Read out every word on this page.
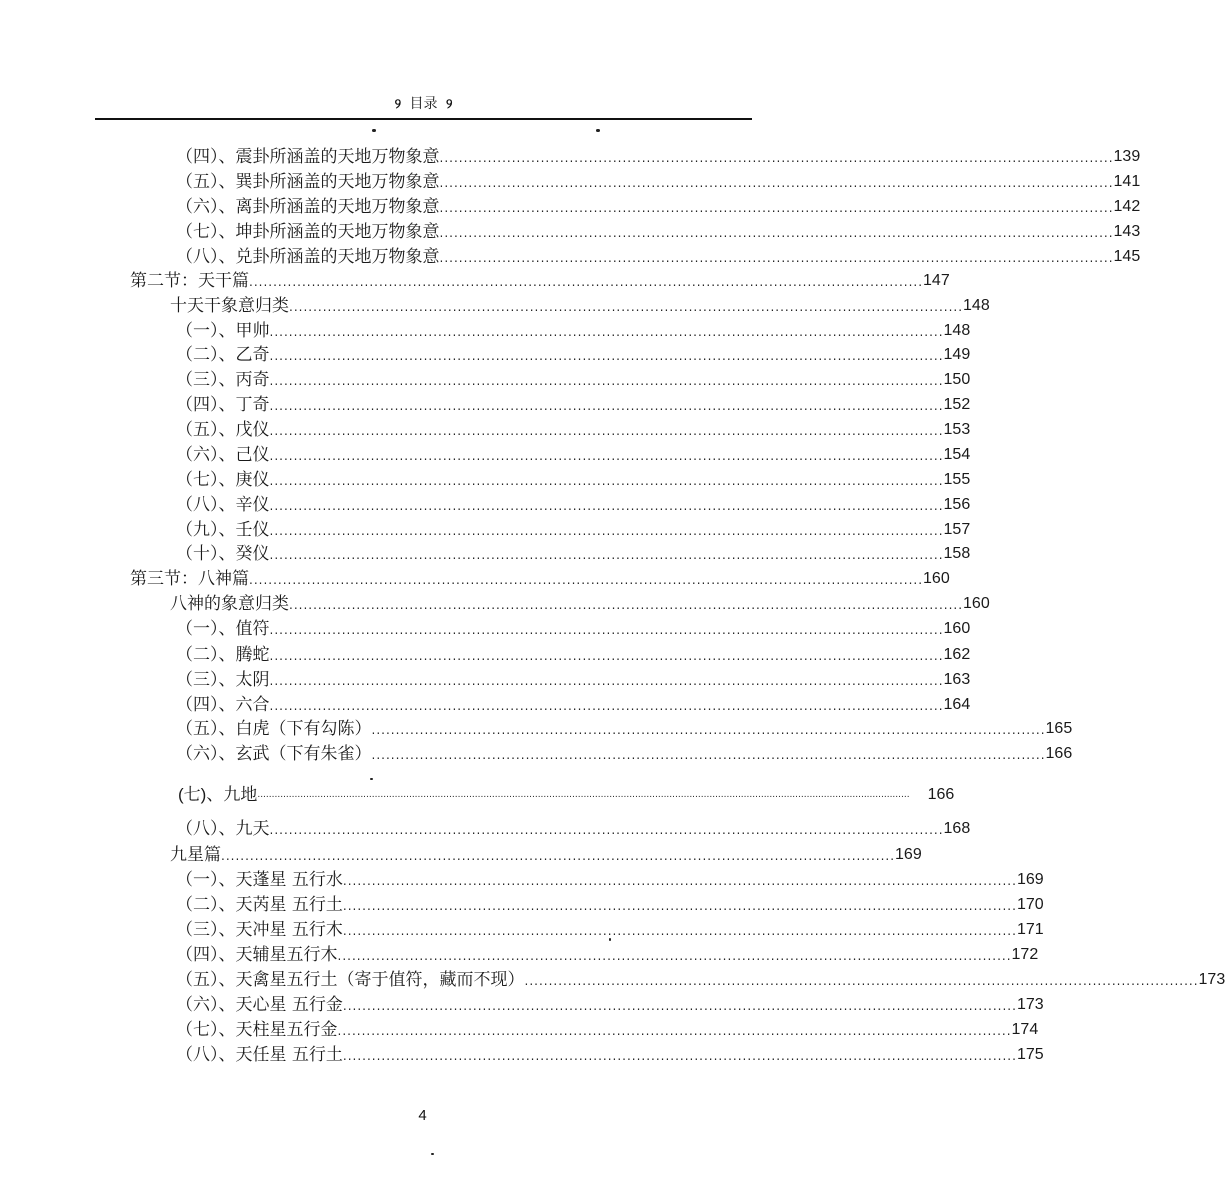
୨ 目录 ୨
（四）、震卦所涵盖的天地万物象意 ............................................................................................................................................ 139
（五）、巽卦所涵盖的天地万物象意 ............................................................................................................................................ 141
（六）、离卦所涵盖的天地万物象意 ............................................................................................................................................ 142
（七）、坤卦所涵盖的天地万物象意 ............................................................................................................................................ 143
（八）、兑卦所涵盖的天地万物象意 ............................................................................................................................................ 145
第二节：天干篇 ............................................................................................................................................ 147
十天干象意归类 ............................................................................................................................................ 148
（一）、甲帅 ............................................................................................................................................ 148
（二）、乙奇 ............................................................................................................................................ 149
（三）、丙奇 ............................................................................................................................................ 150
（四）、丁奇 ............................................................................................................................................ 152
（五）、戊仪 ............................................................................................................................................ 153
（六）、己仪 ............................................................................................................................................ 154
（七）、庚仪 ............................................................................................................................................ 155
（八）、辛仪 ............................................................................................................................................ 156
（九）、壬仪 ............................................................................................................................................ 157
（十）、癸仪 ............................................................................................................................................ 158
第三节：八神篇 ............................................................................................................................................ 160
八神的象意归类 ............................................................................................................................................ 160
（一）、值符 ............................................................................................................................................ 160
（二）、腾蛇 ............................................................................................................................................ 162
（三）、太阴 ............................................................................................................................................ 163
（四）、六合 ............................................................................................................................................ 164
（五）、白虎（下有勾陈） ............................................................................................................................................ 165
（六）、玄武（下有朱雀） ............................................................................................................................................ 166
(七)、九地 .................................................................................................................................................................................................................................... 166
（八）、九天 ............................................................................................................................................ 168
九星篇 ............................................................................................................................................ 169
（一）、天蓬星 五行水 ............................................................................................................................................ 169
（二）、天芮星 五行土 ............................................................................................................................................ 170
（三）、天冲星 五行木 ............................................................................................................................................ 171
（四）、天辅星五行木 ............................................................................................................................................ 172
（五）、天禽星五行土（寄于值符，藏而不现） ............................................................................................................................................ 173
（六）、天心星 五行金 ............................................................................................................................................ 173
（七）、天柱星五行金 ............................................................................................................................................ 174
（八）、天任星 五行土 ............................................................................................................................................ 175
4
